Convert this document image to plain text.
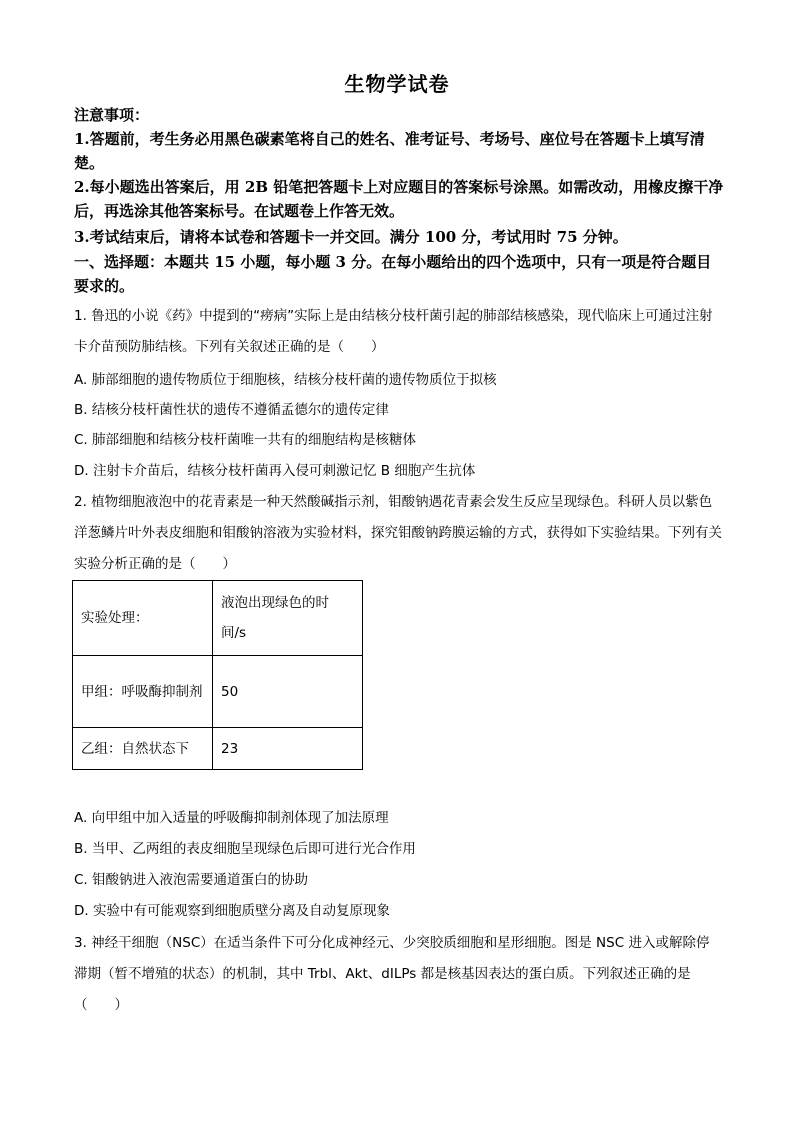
生物学试卷
注意事项：
1.答题前，考生务必用黑色碳素笔将自己的姓名、准考证号、考场号、座位号在答题卡上填写清楚。
2.每小题选出答案后，用 2B 铅笔把答题卡上对应题目的答案标号涂黑。如需改动，用橡皮擦干净后，再选涂其他答案标号。在试题卷上作答无效。
3.考试结束后，请将本试卷和答题卡一并交回。满分 100 分，考试用时 75 分钟。
一、选择题：本题共 15 小题，每小题 3 分。在每小题给出的四个选项中，只有一项是符合题目要求的。
1. 鲁迅的小说《药》中提到的“痨病”实际上是由结核分枝杆菌引起的肺部结核感染，现代临床上可通过注射卡介苗预防肺结核。下列有关叙述正确的是（　　）
A. 肺部细胞的遗传物质位于细胞核，结核分枝杆菌的遗传物质位于拟核
B. 结核分枝杆菌性状的遗传不遵循孟德尔的遗传定律
C. 肺部细胞和结核分枝杆菌唯一共有的细胞结构是核糖体
D. 注射卡介苗后，结核分枝杆菌再入侵可刺激记忆 B 细胞产生抗体
2. 植物细胞液泡中的花青素是一种天然酸碱指示剂，钼酸钠遇花青素会发生反应呈现绿色。科研人员以紫色洋葱鳞片叶外表皮细胞和钼酸钠溶液为实验材料，探究钼酸钠跨膜运输的方式，获得如下实验结果。下列有关实验分析正确的是（　　）
实验处理：	液泡出现绿色的时间/s
甲组：呼吸酶抑制剂	50
乙组：自然状态下	23
A. 向甲组中加入适量的呼吸酶抑制剂体现了加法原理
B. 当甲、乙两组的表皮细胞呈现绿色后即可进行光合作用
C. 钼酸钠进入液泡需要通道蛋白的协助
D. 实验中有可能观察到细胞质壁分离及自动复原现象
3. 神经干细胞（NSC）在适当条件下可分化成神经元、少突胶质细胞和星形细胞。图是 NSC 进入或解除停滞期（暂不增殖的状态）的机制，其中 Trbl、Akt、dILPs 都是核基因表达的蛋白质。下列叙述正确的是（　　）
